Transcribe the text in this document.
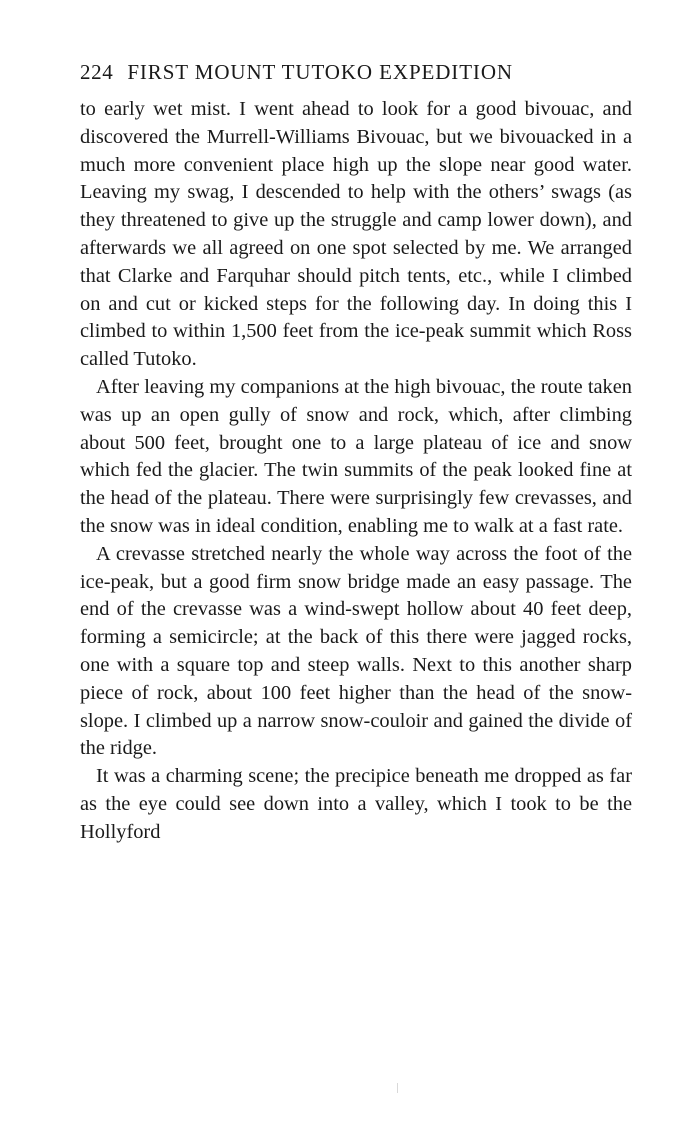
224 FIRST MOUNT TUTOKO EXPEDITION

to early wet mist. I went ahead to look for a good bivouac, and discovered the Murrell-Williams Bivouac, but we bivouacked in a much more convenient place high up the slope near good water. Leaving my swag, I descended to help with the others’ swags (as they threatened to give up the struggle and camp lower down), and afterwards we all agreed on one spot selected by me. We arranged that Clarke and Farquhar should pitch tents, etc., while I climbed on and cut or kicked steps for the following day. In doing this I climbed to within 1,500 feet from the ice-peak summit which Ross called Tutoko.

After leaving my companions at the high bivouac, the route taken was up an open gully of snow and rock, which, after climbing about 500 feet, brought one to a large plateau of ice and snow which fed the glacier. The twin summits of the peak looked fine at the head of the plateau. There were surprisingly few crevasses, and the snow was in ideal condition, enabling me to walk at a fast rate.

A crevasse stretched nearly the whole way across the foot of the ice-peak, but a good firm snow bridge made an easy passage. The end of the crevasse was a wind-swept hollow about 40 feet deep, forming a semicircle; at the back of this there were jagged rocks, one with a square top and steep walls. Next to this another sharp piece of rock, about 100 feet higher than the head of the snow-slope. I climbed up a narrow snow-couloir and gained the divide of the ridge.

It was a charming scene; the precipice beneath me dropped as far as the eye could see down into a valley, which I took to be the Hollyford
